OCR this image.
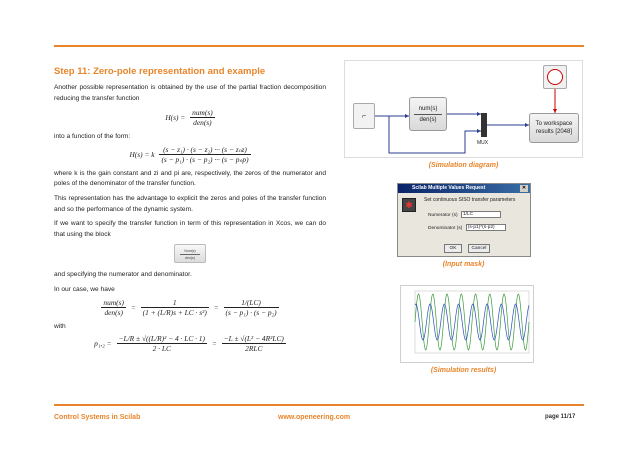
Step 11: Zero-pole representation and example

Another possible representation is obtained by the use of the partial fraction decomposition reducing the transfer function

$H(s) = \frac{\text{num(s)}}{\text{den(s)}}$

into a function of the form:

H(s) = k $\frac{\text{(s − z₁) · (s − z₂) ··· (s − zₙz)}}{\text{(s − p₁) · (s − p₂) ··· (s − pₙp)}}$

where k is the gain constant and zi and pi are, respectively, the zeros of the numerator and poles of the denominator of the transfer function.

This representation has the advantage to explicit the zeros and poles of the transfer function and so the performance of the dynamic system.

If we want to specify the transfer function in term of this representation in Xcos, we can do that using the block

Num(s)
den(s)

and specifying the numerator and denominator.

In our case, we have

$\frac{\text{num(s)}}{\text{den(s)}} = \frac{1}{\text{(1 + (L/R)s + LC · s²)}} = \frac{1/(LC)}{\text{(s − p₁) · (s − p₂)}}$

with

$p_1,_2 = \frac{\text{−L/R ± √((L/R)² − 4 · LC · 1)}}{2 \cdot LC} = \frac{\text{−L ± √(L² − 4R²LC)}}{\text{2RLC}}$
⌐
num(s)
den(s)
MUX
To workspace
results [2048]
(Simulation diagram)
Scilab Multiple Values Request	✕
✱	Set continuous SISO transfer parameters
Numerator (s) 1/LC
Denominator (s) (s-p1)*(s-p2)
OK	Cancel
(Input mask)
(Simulation results)
Control Systems in Scilab	www.openeering.com	page 11/17
